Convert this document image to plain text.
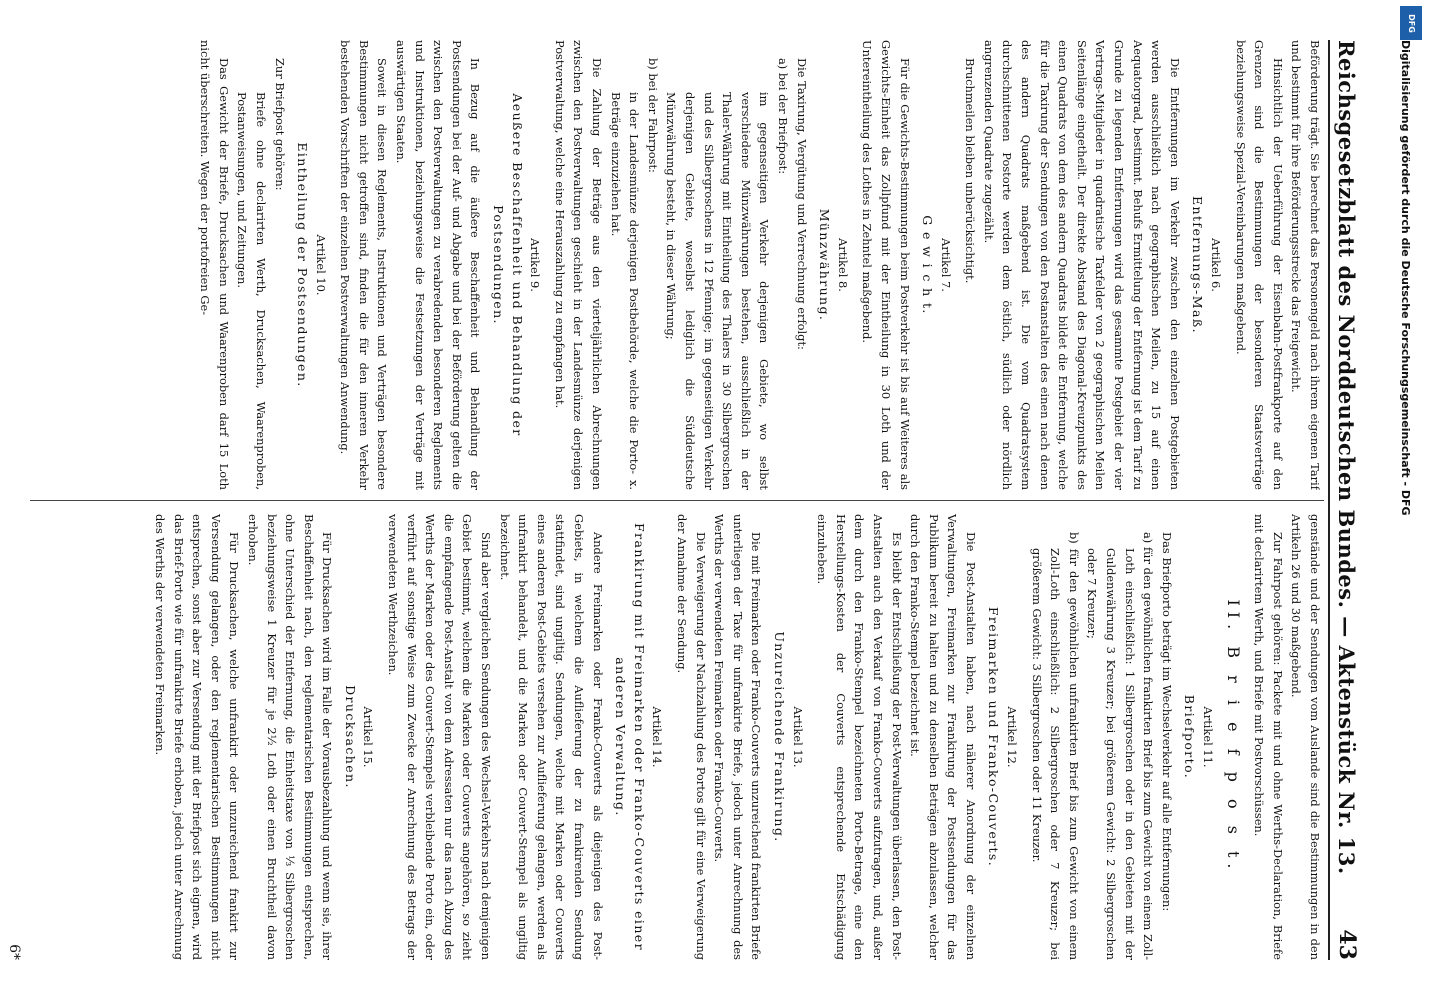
Reichsgesetzblatt des Norddeutschen Bundes. — Aktenstück Nr. 13.
43

Beförderung trägt. Sie berechnet das Personengeld nach ihrem eigenen Tarif und bestimmt für ihre Beförderungsstrecke das Freigewicht.

Hinsichtlich der Ueberführung der Eisenbahn-Postfrankporte auf den Grenzen sind die Bestimmungen der besonderen Staatsverträge beziehungsweise Spezial-Vereinbarungen maßgebend.

Artikel 6.

Entfernungs-Maß.

Die Entfernungen im Verkehr zwischen den einzelnen Postgebieten werden ausschließlich nach geographischen Meilen, zu 15 auf einen Aequatorgrad, bestimmt. Behufs Ermittelung der Entfernung ist dem Tarif zu Grunde zu legenden Entfernungen wird das gesammte Postgebiet der vier Vertrags-Mitglieder in quadratische Taxfelder von 2 geographischen Meilen Seitenlänge eingetheilt. Der direkte Abstand des Diagonal-Kreuzpunkts des einen Quadrats von dem des andern Quadrats bildet die Entfernung, welche für die Taxirung der Sendungen von den Postanstalten des einen nach denen des andern Quadrats maßgebend ist. Die vom Quadratsystem durchschnittenen Postorte werden dem östlich, südlich oder nördlich angrenzenden Quadrate zugezählt.

Bruchmeilen bleiben unberücksichtigt.

Artikel 7.

G e w i c h t.

Für die Gewichts-Bestimmungen beim Postverkehr ist bis auf Weiteres als Gewichts-Einheit das Zollpfund mit der Eintheilung in 30 Loth und der Untereintheilung des Lothes in Zehntel maßgebend.

Artikel 8.

Münzwährung.

Die Taxirung, Vergütung und Verrechnung erfolgt:

a) bei der Briefpost:

im gegenseitigen Verkehr derjenigen Gebiete, wo selbst verschiedene Münzwährungen bestehen, ausschließlich in der Thaler-Währung mit Eintheilung des Thalers in 30 Silbergroschen und des Silbergroschens in 12 Pfennige; im gegenseitigen Verkehr derjenigen Gebiete, woselbst lediglich die Süddeutsche Münzwährung besteht, in dieser Währung;

b) bei der Fahrpost:

in der Landesmünze derjenigen Postbehörde, welche die Porto- x. Beträge einzuziehen hat.

Die Zahlung der Beträge aus den vierteljährlichen Abrechnungen zwischen den Postverwaltungen geschieht in der Landesmünze derjenigen Postverwaltung, welche eine Herauszahlung zu empfangen hat.

Artikel 9.

Aeußere Beschaffenheit und Behandlung der Postsendungen.

In Bezug auf die äußere Beschaffenheit und Behandlung der Postsendungen bei der Auf- und Abgabe und bei der Beförderung gelten die zwischen den Postverwaltungen zu verabredenden besonderen Reglements und Instruktionen, beziehungsweise die Festsetzungen der Verträge mit auswärtigen Staaten.

Soweit in diesen Reglements, Instruktionen und Verträgen besondere Bestimmungen nicht getroffen sind, finden die für den inneren Verkehr bestehenden Vorschriften der einzelnen Postverwaltungen Anwendung.

Artikel 10.

Eintheilung der Postsendungen.

Zur Briefpost gehören:

Briefe ohne declarirten Werth, Drucksachen, Waarenproben, Postanweisungen, und Zeitungen.

Das Gewicht der Briefe, Drucksachen und Waarenproben darf 15 Loth nicht überschreiten. Wegen der portofreien Ge-

genstände und der Sendungen vom Auslande sind die Bestimmungen in den Artikeln 26 und 30 maßgebend.

Zur Fahrpost gehören: Packete mit und ohne Werths-Declaration, Briefe mit declarirtem Werth, und Briefe mit Postvorschüssen.

II. B r i e f p o s t.

Artikel 11.

Briefporto.

Das Briefporto beträgt im Wechselverkehr auf alle Entfernungen:

a) für den gewöhnlichen frankirten Brief bis zum Gewicht von einem Zoll-Loth einschließlich: 1 Silbergroschen oder in den Gebieten mit der Guldenwährung 3 Kreuzer; bei größerem Gewicht: 2 Silbergroschen oder 7 Kreuzer;

b) für den gewöhnlichen unfrankirten Brief bis zum Gewicht von einem Zoll-Loth einschließlich: 2 Silbergroschen oder 7 Kreuzer; bei größerem Gewicht: 3 Silbergroschen oder 11 Kreuzer.

Artikel 12.

Freimarken und Franko-Couverts.

Die Post-Anstalten haben, nach näherer Anordnung der einzelnen Verwaltungen, Freimarken zur Frankirung der Postsendungen für das Publikum bereit zu halten und zu denselben Beträgen abzulassen, welcher durch den Franko-Stempel bezeichnet ist.

Es bleibt der Entschließung der Post-Verwaltungen überlassen, den Post-Anstalten auch den Verkauf von Franko-Couverts aufzutragen, und, außer dem durch den Franko-Stempel bezeichneten Porto-Betrage, eine den Herstellungs-Kosten der Couverts entsprechende Entschädigung einzuheben.

Artikel 13.

Unzureichende Frankirung.

Die mit Freimarken oder Franko-Couverts unzureichend frankirten Briefe unterliegen der Taxe für unfrankirte Briefe, jedoch unter Anrechnung des Werths der verwendeten Freimarken oder Franko-Couverts.

Die Verweigerung der Nachzahlung des Portos gilt für eine Verweigerung der Annahme der Sendung.

Artikel 14.

Frankirung mit Freimarken oder Franko-Couverts einer anderen Verwaltung.

Andere Freimarken oder Franko-Couverts als diejenigen des Post-Gebiets, in welchem die Auflieferung der zu frankirenden Sendung stattfindet, sind ungiltig. Sendungen, welche mit Marken oder Couverts eines anderen Post-Gebiets versehen zur Auflieferung gelangen, werden als unfrankirt behandelt, und die Marken oder Couvert-Stempel als ungiltig bezeichnet.

Sind aber vergleichen Sendungen des Wechsel-Verkehrs nach demjenigen Gebiet bestimmt, welchem die Marken oder Couverts angehören, so zieht die empfangende Post-Anstalt von dem Adressaten nur das nach Abzug des Werths der Marken oder des Couvert-Stempels verbleibende Porto ein, oder verführt auf sonstige Weise zum Zwecke der Anrechnung des Betrags der verwendeten Werthzeichen.

Artikel 15.

Drucksachen.

Für Drucksachen wird im Falle der Vorausbezahlung und wenn sie, ihrer Beschaffenheit nach, den reglementarischen Bestimmungen entsprechen, ohne Unterschied der Entfernung, die Einheitstaxe von ⅓ Silbergroschen beziehungsweise 1 Kreuzer für je 2½ Loth oder einen Bruchtheil davon erhoben.

Für Drucksachen, welche unfrankirt oder unzureichend frankirt zur Versendung gelangen, oder den reglementarischen Bestimmungen nicht entsprechen, sonst aber zur Versendung mit der Briefpost sich eignen, wird das Brief-Porto wie für unfrankirte Briefe erhoben, jedoch unter Anrechnung des Werths der verwendeten Freimarken.

6*
DFG
Digitalisierung gefördert durch die Deutsche Forschungsgemeinschaft - DFG
